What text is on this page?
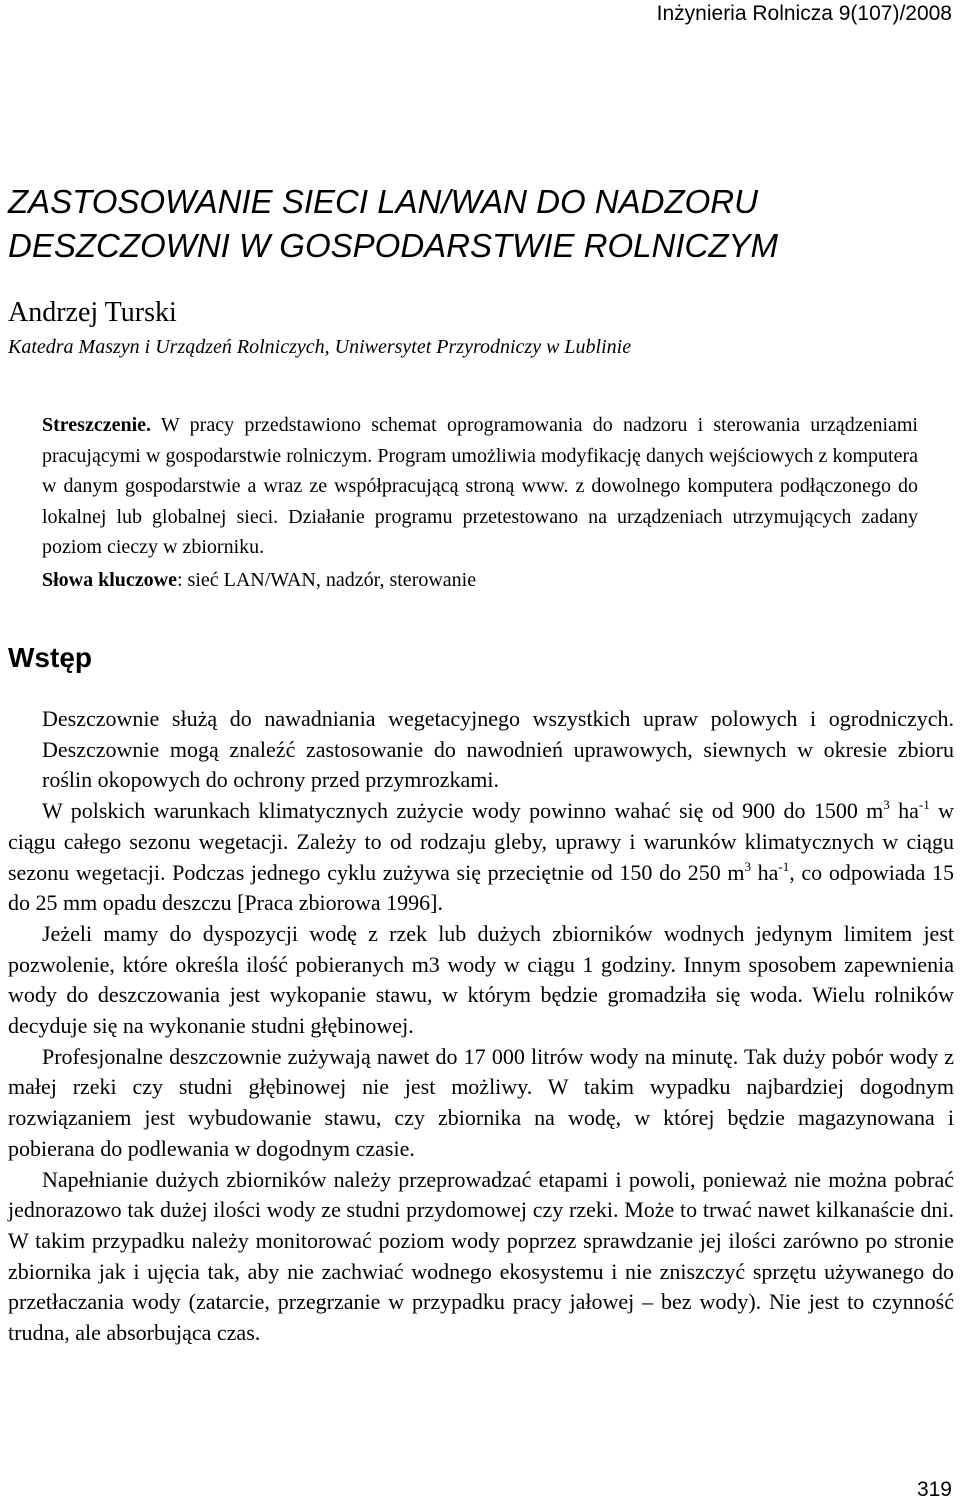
Inżynieria Rolnicza 9(107)/2008
ZASTOSOWANIE SIECI LAN/WAN DO NADZORU
DESZCZOWNI W GOSPODARSTWIE ROLNICZYM
Andrzej Turski
Katedra Maszyn i Urządzeń Rolniczych, Uniwersytet Przyrodniczy w Lublinie

Streszczenie. W pracy przedstawiono schemat oprogramowania do nadzoru i sterowania urządzeniami pracującymi w gospodarstwie rolniczym. Program umożliwia modyfikację danych wejściowych z komputera w danym gospodarstwie a wraz ze współpracującą stroną www. z dowolnego komputera podłączonego do lokalnej lub globalnej sieci. Działanie programu przetestowano na urządzeniach utrzymujących zadany poziom cieczy w zbiorniku.

Słowa kluczowe: sieć LAN/WAN, nadzór, sterowanie

Wstęp

Deszczownie służą do nawadniania wegetacyjnego wszystkich upraw polowych i ogrodniczych. Deszczownie mogą znaleźć zastosowanie do nawodnień uprawowych, siewnych w okresie zbioru roślin okopowych do ochrony przed przymrozkami.

W polskich warunkach klimatycznych zużycie wody powinno wahać się od 900 do 1500 $m^3$ $ha^{-1}$ w ciągu całego sezonu wegetacji. Zależy to od rodzaju gleby, uprawy i warunków klimatycznych w ciągu sezonu wegetacji. Podczas jednego cyklu zużywa się przeciętnie od 150 do 250 $m^3$ $ha^{-1}$, co odpowiada 15 do 25 mm opadu deszczu [Praca zbiorowa 1996].

Jeżeli mamy do dyspozycji wodę z rzek lub dużych zbiorników wodnych jedynym limitem jest pozwolenie, które określa ilość pobieranych m3 wody w ciągu 1 godziny. Innym sposobem zapewnienia wody do deszczowania jest wykopanie stawu, w którym będzie gromadziła się woda. Wielu rolników decyduje się na wykonanie studni głębinowej.

Profesjonalne deszczownie zużywają nawet do 17 000 litrów wody na minutę. Tak duży pobór wody z małej rzeki czy studni głębinowej nie jest możliwy. W takim wypadku najbardziej dogodnym rozwiązaniem jest wybudowanie stawu, czy zbiornika na wodę, w której będzie magazynowana i pobierana do podlewania w dogodnym czasie.

Napełnianie dużych zbiorników należy przeprowadzać etapami i powoli, ponieważ nie można pobrać jednorazowo tak dużej ilości wody ze studni przydomowej czy rzeki. Może to trwać nawet kilkanaście dni. W takim przypadku należy monitorować poziom wody poprzez sprawdzanie jej ilości zarówno po stronie zbiornika jak i ujęcia tak, aby nie zachwiać wodnego ekosystemu i nie zniszczyć sprzętu używanego do przetłaczania wody (zatarcie, przegrzanie w przypadku pracy jałowej – bez wody). Nie jest to czynność trudna, ale absorbująca czas.

319
